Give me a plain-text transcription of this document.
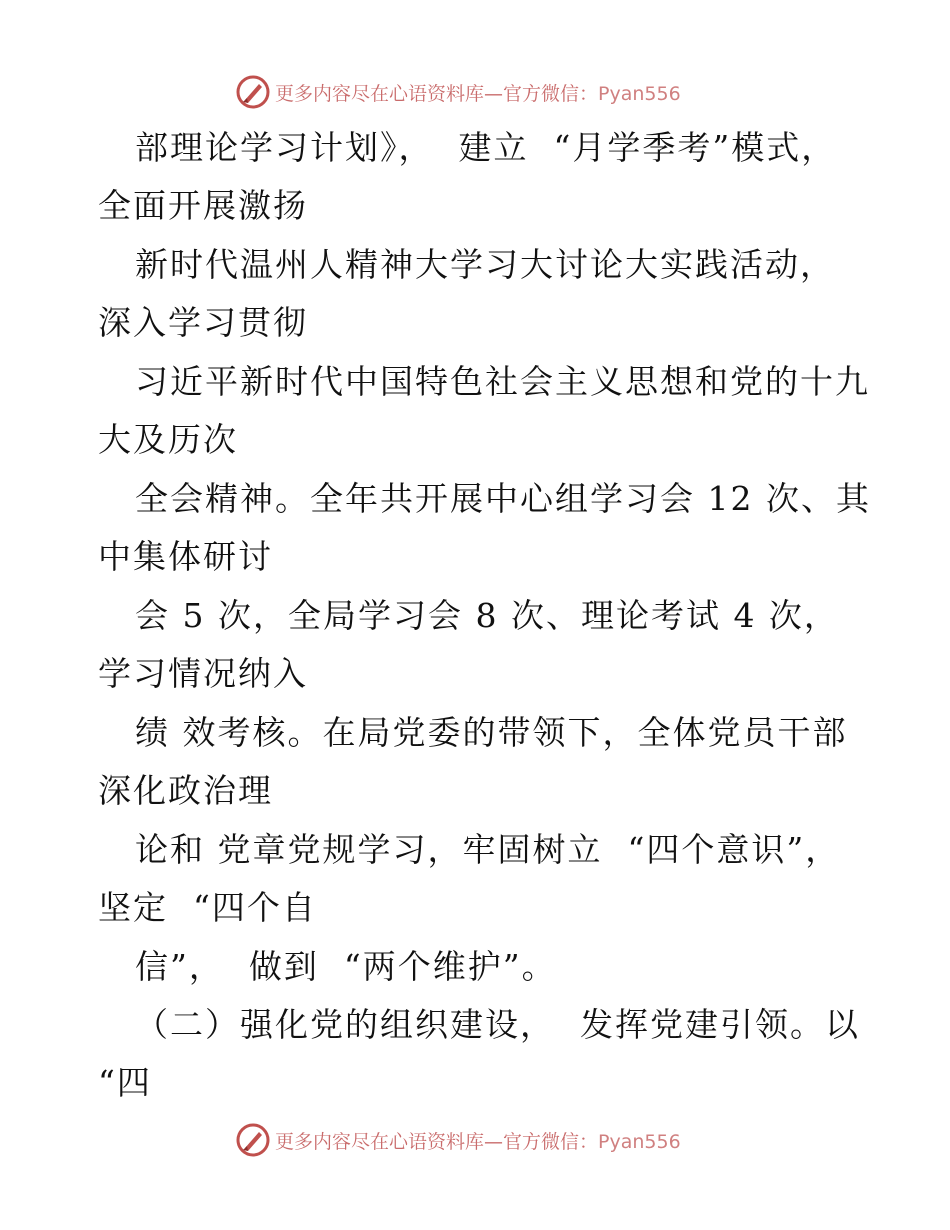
更多内容尽在心语资料库—官方微信：Pyan556
部理论学习计划》，  建立  “月学季考”模式，
全面开展激扬
新时代温州人精神大学习大讨论大实践活动，
深入学习贯彻
习近平新时代中国特色社会主义思想和党的十九
大及历次
全会精神。全年共开展中心组学习会 12 次、其
中集体研讨
会 5 次，全局学习会 8 次、理论考试 4 次，
学习情况纳入
绩 效考核。在局党委的带领下，全体党员干部
深化政治理
论和 党章党规学习，牢固树立  “四个意识”，
坚定  “四个自
信”，  做到  “两个维护”。
（二）强化党的组织建设，  发挥党建引领。以
“四
更多内容尽在心语资料库—官方微信：Pyan556
